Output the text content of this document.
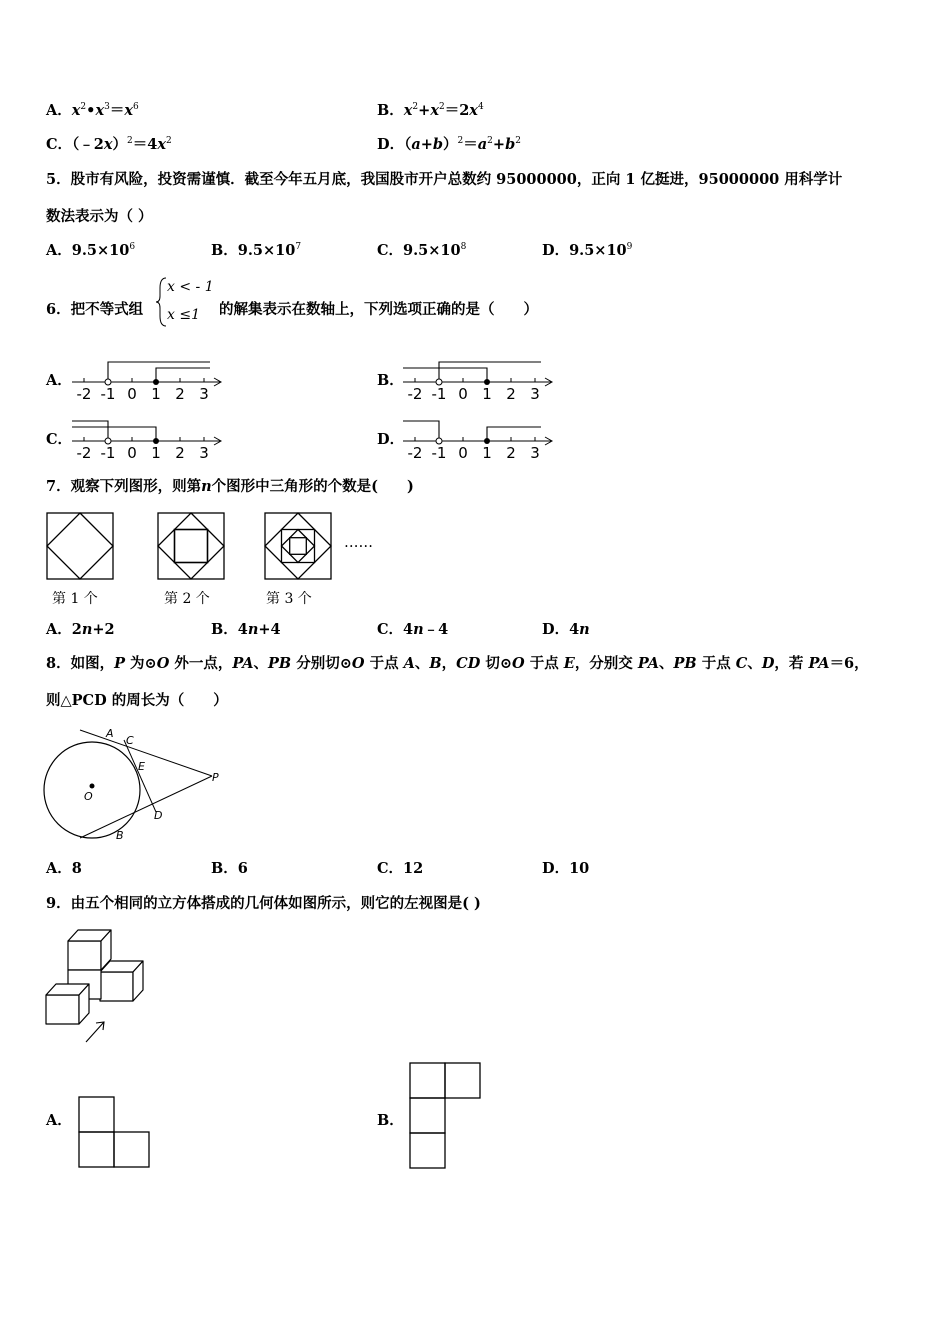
A．$x^2•x^3=x^6$	B．$x^2+x^2=2x^4$
C．$(﹣2x)^2=4x^2$	D．$(a+b)^2=a^2+b^2$
5．股市有风险，投资需谨慎．截至今年五月底，我国股市开户总数约 95000000，正向 1 亿挺进，95000000 用科学计
数法表示为（ ）
A．$9.5\times 10^6$	B．$9.5\times 10^7$	C．$9.5\times 10^8$	D．$9.5\times 10^9$
6．把不等式组
x < - 1
x ≤1 的解集表示在数轴上，下列选项正确的是（　　）
A．	B．
C．	D．
-2 -1 0 1 2 3	-2 -1 0 1 2 3
-2 -1 0 1 2 3	-2 -1 0 1 2 3
7．观察下列图形，则第n个图形中三角形的个数是(　　)
……
第 1 个	第 2 个	第 3 个
A．2n+2	B．4n+4	C．4n﹣4	D．4n
8．如图，P 为⊙O 外一点，PA、PB 分别切⊙O 于点 A、B，CD 切⊙O 于点 E，分别交 PA、PB 于点 C、D，若 PA＝6，
则△PCD 的周长为（　　）
A
C
E
P
O
D
B
A．8	B．6	C．12	D．10
9．由五个相同的立方体搭成的几何体如图所示，则它的左视图是( )
A．	B．
